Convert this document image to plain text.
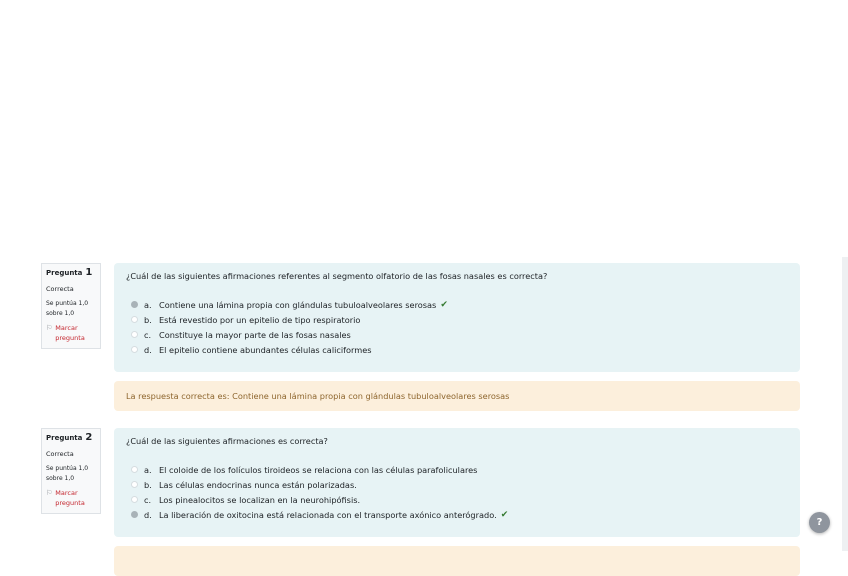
Pregunta 1
Correcta
Se puntúa 1,0 sobre 1,0
⚐ Marcar pregunta
¿Cuál de las siguientes afirmaciones referentes al segmento olfatorio de las fosas nasales es correcta?
a. Contiene una lámina propia con glándulas tubuloalveolares serosas ✔
b. Está revestido por un epitelio de tipo respiratorio
c. Constituye la mayor parte de las fosas nasales
d. El epitelio contiene abundantes células caliciformes
La respuesta correcta es: Contiene una lámina propia con glándulas tubuloalveolares serosas
Pregunta 2
Correcta
Se puntúa 1,0 sobre 1,0
⚐ Marcar pregunta
¿Cuál de las siguientes afirmaciones es correcta?
a. El coloide de los folículos tiroideos se relaciona con las células parafoliculares
b. Las células endocrinas nunca están polarizadas.
c. Los pinealocitos se localizan en la neurohipófisis.
d. La liberación de oxitocina está relacionada con el transporte axónico anterógrado. ✔
?
